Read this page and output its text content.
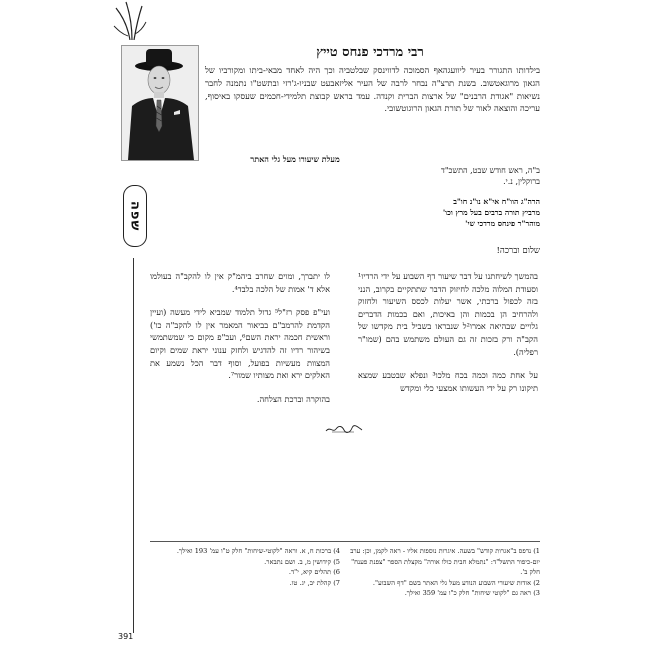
שפה
391
רבי מרדכי פנחס טייץ
בילדותו התגורר בעיר ליוועגהאף הסמוכה לדווינסק שבלטביה וכך היה לאחד מבאי-ביתו ומקורביו של הגאון מרוגאטשוב. בשנת תרצ"ה נבחר לרבה של העיר אליזאבעט שבניו-ג'רזי ובתשט"ו נתמנה לחבר נשיאות "אגודת הרבנים" של ארצות הברית וקנדה. עמד בראש קבוצת תלמידי-חכמים שעסקו באיסוף, עריכה והוצאה לאור של תורת הגאון הרוגוטשובי.
מעלת שיעורו מעל גלי האתר
ב"ה, ראש חודש שבט, התשכ"ד
ברוקלין, נ.י.
הרה"ג הוו"ח אי"א נו"נ חו"ב
מרביץ תורה ברבים בעל מרץ וכו'
מוהר"ר פינחס מרדכי שי'
שלום וברכה!

בהמשך לשיחתנו על דבר שיעור דף השבוע על ידי הרדיו¹ וסעודת המלוה מלכה לחיזוק הדבר שתתקיים בקרוב, הנני בזה לכפול ברכתי, אשר יעלות לכסס השיעור ולחזוק ולהרחיב הן בכמות והן באיכות, ואם בכמות הדברים גלויים שבהיאה אמרו²ל שנבראו בשביל בית מקדשו של הקב"ה ורק בזכות זה גם העולם משתמש בהם (שמו"ר רפליה).

על אחת כמה וכמה בכח מלכו³ ונפלא שבטבע שמצא תיקונו רק על ידי העשותו אמצעי כלי ומקדש

לו יתברך, ומוים שחרב ביהמ"ק אין לו להקב"ה בעולמו אלא ד' אמות של הלכה בלבד⁴.

ועי"פ פסק רז"ל⁵ גדול תלמוד שמביא לידי מעשה (ועיין הקדמת להרמב"ם בביאור המאמר אין לו להקב"ה כו') וראשית חכמה יראת השם⁶, ועכ"פ מקום כי שמשתמשי בשיהור רדיו זה להדגיש ולחזק ענוני יראת שמים וקיום המצוות מעשיות בפועל, וסוף דבר הכל נשמע את האלקים ירא ואת מצותיו שמור⁷.

בהוקרה וברכת הצלחה.

1) נדפס ב"אגרות קודש" בשעה. איגרות נוספות אליו - ראה לקמן, וכן: ערב יום-כיפור התשל"ד: "נתמלא חבית כולו אורה" מקצלת הספר "צפנת פענח" חלק ב'.
2) אודות שיעורי השבוע הנודע מעל גלי האתר בשם "דף השבוע".
3) ראה גם "לקוטי שיחות" חלק כ"ו עמ' 359 ואילך.
4) ברכות ח, א. וראה "לקוטי-שיחות" חלק ט"ו עמ' 193 ואילך.
5) קידושין מ, ב. ושם נתבאר.
6) תהלים קיא, י"ד.
7) קהלת יב, יג. טו.
